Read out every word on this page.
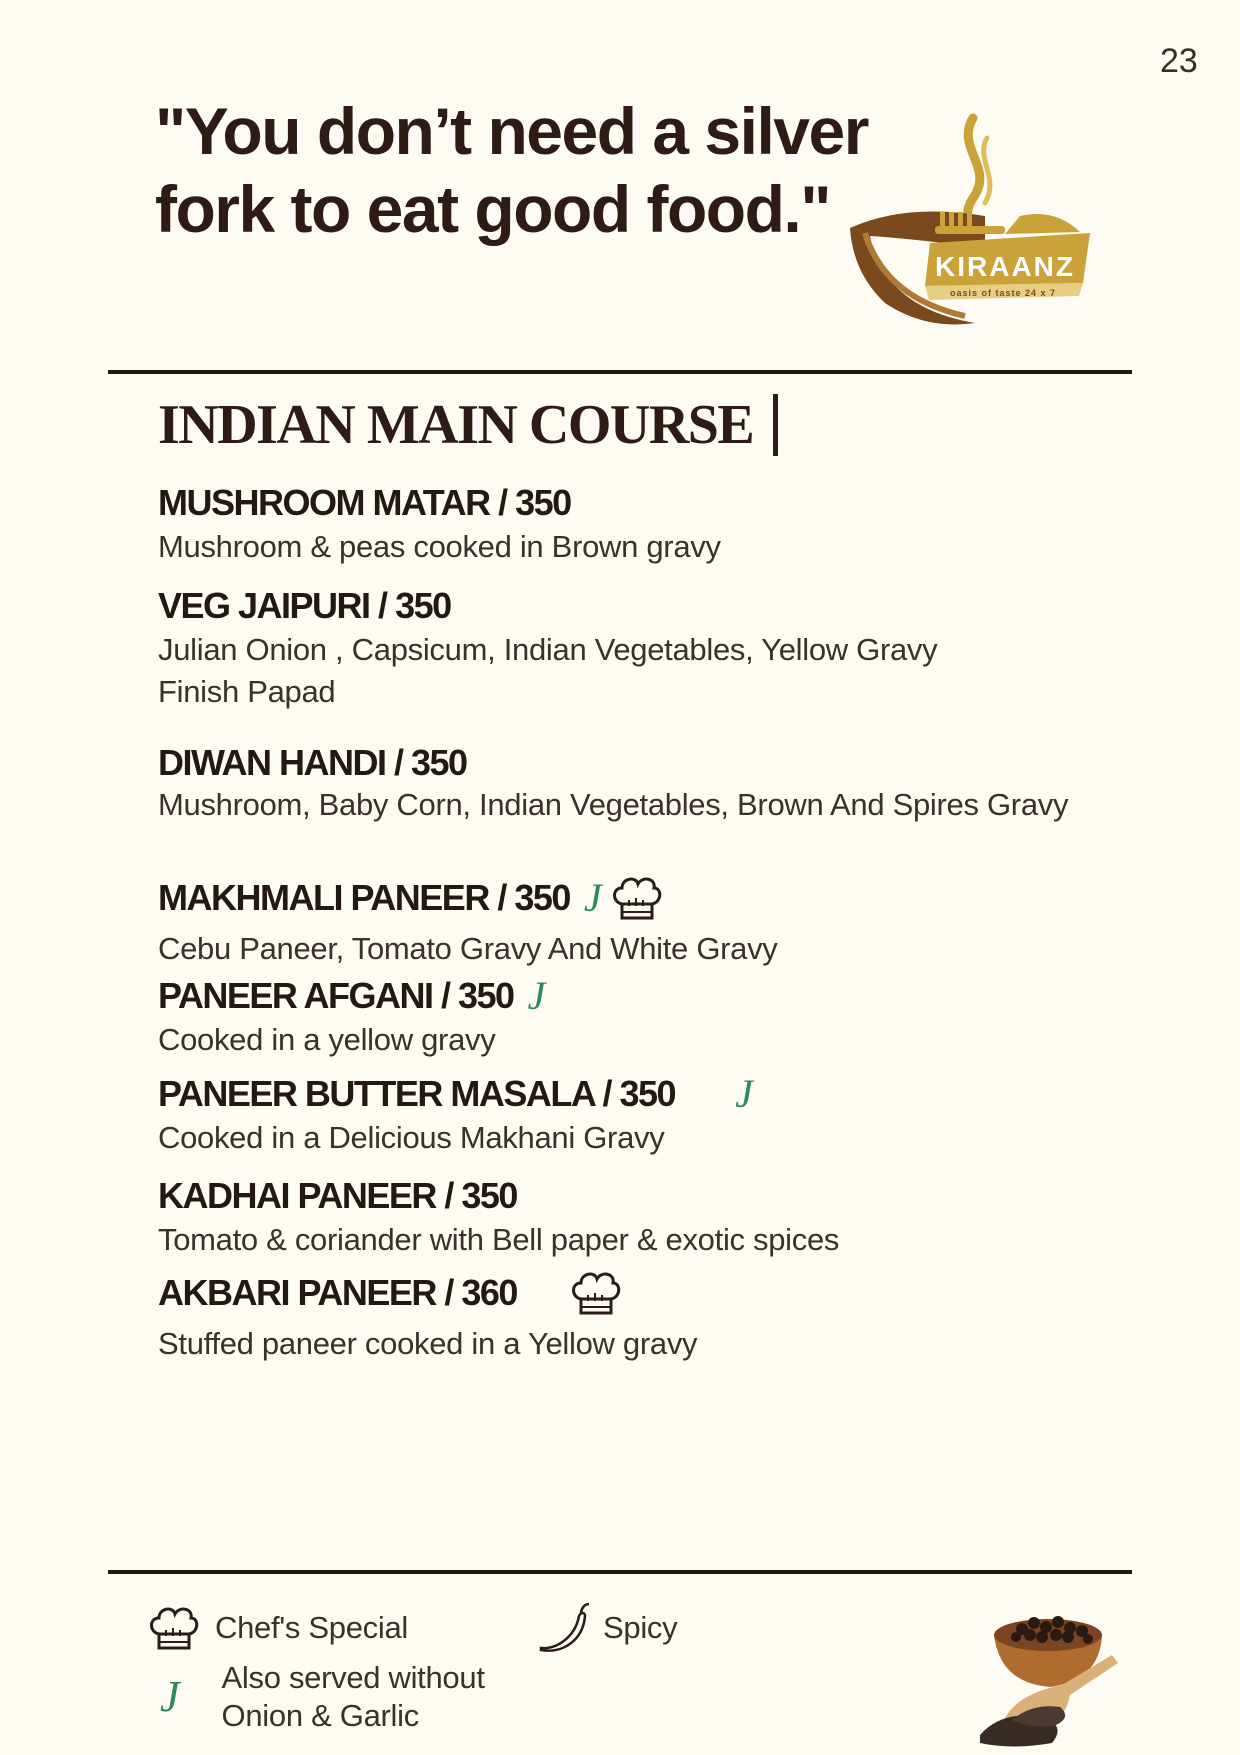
23
"You don’t need a silver
fork to eat good food."
KIRAANZ
oasis of taste 24 x 7
INDIAN MAIN COURSE
MUSHROOM MATAR / 350
Mushroom & peas cooked in Brown gravy
VEG JAIPURI / 350
Julian Onion , Capsicum, Indian Vegetables, Yellow Gravy Finish Papad
DIWAN HANDI / 350
Mushroom, Baby Corn, Indian Vegetables, Brown And Spires Gravy
MAKHMALI PANEER / 350 J
Cebu Paneer, Tomato Gravy And White Gravy
PANEER AFGANI / 350 J
Cooked in a yellow gravy
PANEER BUTTER MASALA / 350 J
Cooked in a Delicious Makhani Gravy
KADHAI PANEER / 350
Tomato & coriander with Bell paper & exotic spices
AKBARI PANEER / 360
Stuffed paneer cooked in a Yellow gravy
Chef's Special	Spicy
J Also served without
Onion & Garlic
